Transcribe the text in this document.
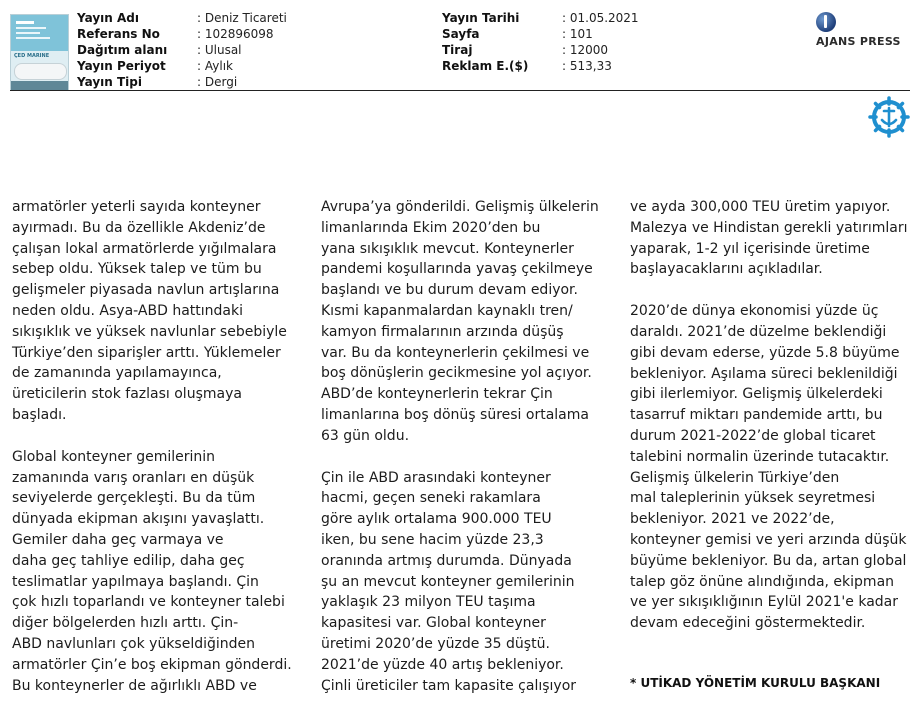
ÇED MARINE
Yayın Adı	: Deniz Ticareti
Referans No	: 102896098
Dağıtım alanı : Ulusal
Yayın Periyot	: Aylık
Yayın Tipi	: Dergi
Yayın Tarihi	: 01.05.2021
Sayfa	: 101
Tiraj	: 12000
Reklam E.($)	: 513,33
AJANS PRESS
armatörler yeterli sayıda konteyner
ayırmadı. Bu da özellikle Akdeniz’de
çalışan lokal armatörlerde yığılmalara
sebep oldu. Yüksek talep ve tüm bu
gelişmeler piyasada navlun artışlarına
neden oldu. Asya-ABD hattındaki
sıkışıklık ve yüksek navlunlar sebebiyle
Türkiye’den siparişler arttı. Yüklemeler
de zamanında yapılamayınca,
üreticilerin stok fazlası oluşmaya
başladı.
Global konteyner gemilerinin
zamanında varış oranları en düşük
seviyelerde gerçekleşti. Bu da tüm
dünyada ekipman akışını yavaşlattı.
Gemiler daha geç varmaya ve
daha geç tahliye edilip, daha geç
teslimatlar yapılmaya başlandı. Çin
çok hızlı toparlandı ve konteyner talebi
diğer bölgelerden hızlı arttı. Çin-
ABD navlunları çok yükseldiğinden
armatörler Çin’e boş ekipman gönderdi.
Bu konteynerler de ağırlıklı ABD ve
Avrupa’ya gönderildi. Gelişmiş ülkelerin
limanlarında Ekim 2020’den bu
yana sıkışıklık mevcut. Konteynerler
pandemi koşullarında yavaş çekilmeye
başlandı ve bu durum devam ediyor.
Kısmi kapanmalardan kaynaklı tren/
kamyon firmalarının arzında düşüş
var. Bu da konteynerlerin çekilmesi ve
boş dönüşlerin gecikmesine yol açıyor.
ABD’de konteynerlerin tekrar Çin
limanlarına boş dönüş süresi ortalama
63 gün oldu.
Çin ile ABD arasındaki konteyner
hacmi, geçen seneki rakamlara
göre aylık ortalama 900.000 TEU
iken, bu sene hacim yüzde 23,3
oranında artmış durumda. Dünyada
şu an mevcut konteyner gemilerinin
yaklaşık 23 milyon TEU taşıma
kapasitesi var. Global konteyner
üretimi 2020’de yüzde 35 düştü.
2021’de yüzde 40 artış bekleniyor.
Çinli üreticiler tam kapasite çalışıyor
ve ayda 300,000 TEU üretim yapıyor.
Malezya ve Hindistan gerekli yatırımları
yaparak, 1-2 yıl içerisinde üretime
başlayacaklarını açıkladılar.
2020’de dünya ekonomisi yüzde üç
daraldı. 2021’de düzelme beklendiği
gibi devam ederse, yüzde 5.8 büyüme
bekleniyor. Aşılama süreci beklenildiği
gibi ilerlemiyor. Gelişmiş ülkelerdeki
tasarruf miktarı pandemide arttı, bu
durum 2021-2022’de global ticaret
talebini normalin üzerinde tutacaktır.
Gelişmiş ülkelerin Türkiye’den
mal taleplerinin yüksek seyretmesi
bekleniyor. 2021 ve 2022’de,
konteyner gemisi ve yeri arzında düşük
büyüme bekleniyor. Bu da, artan global
talep göz önüne alındığında, ekipman
ve yer sıkışıklığının Eylül 2021'e kadar
devam edeceğini göstermektedir.
* UTİKAD YÖNETİM KURULU BAŞKANI
